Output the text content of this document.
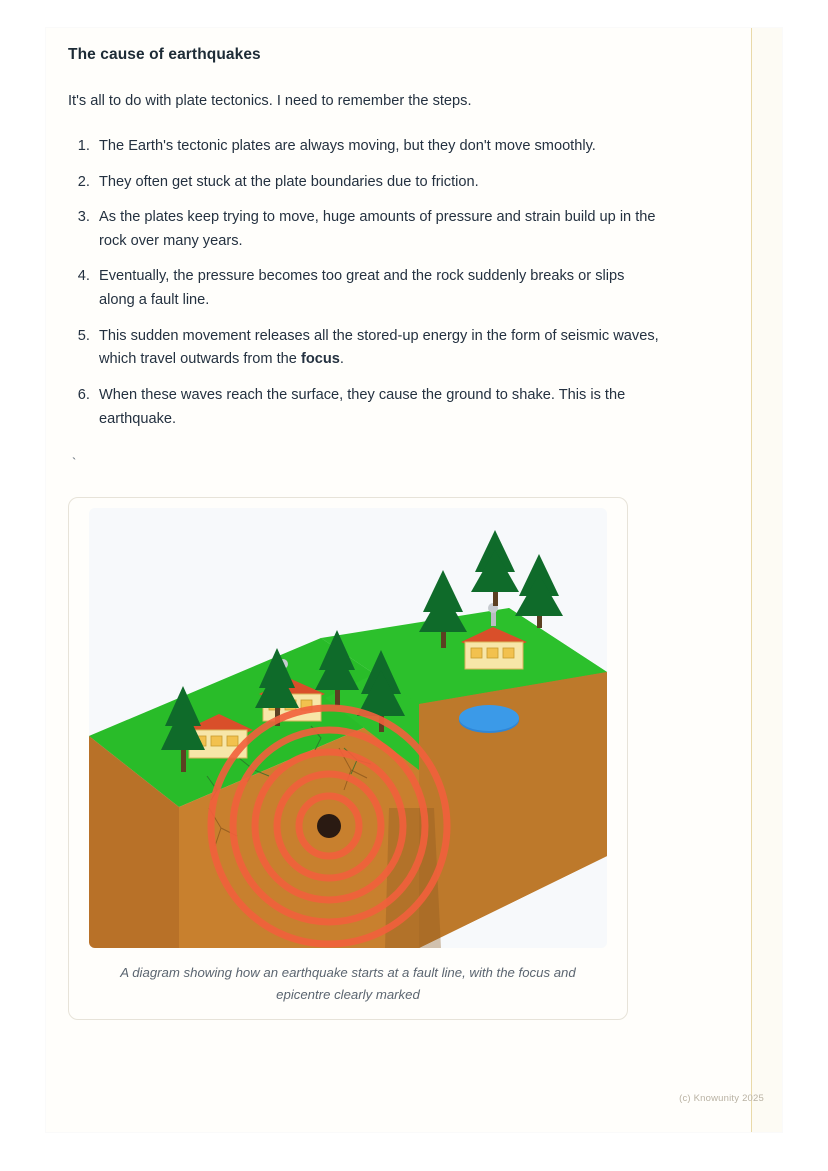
The cause of earthquakes

It's all to do with plate tectonics. I need to remember the steps.

1. The Earth's tectonic plates are always moving, but they don't move smoothly.
2. They often get stuck at the plate boundaries due to friction.
3. As the plates keep trying to move, huge amounts of pressure and strain build up in the rock over many years.
4. Eventually, the pressure becomes too great and the rock suddenly breaks or slips along a fault line.
5. This sudden movement releases all the stored-up energy in the form of seismic waves, which travel outwards from the focus.
6. When these waves reach the surface, they cause the ground to shake. This is the earthquake.
`
A diagram showing how an earthquake starts at a fault line, with the focus and epicentre clearly marked
(c) Knowunity 2025
